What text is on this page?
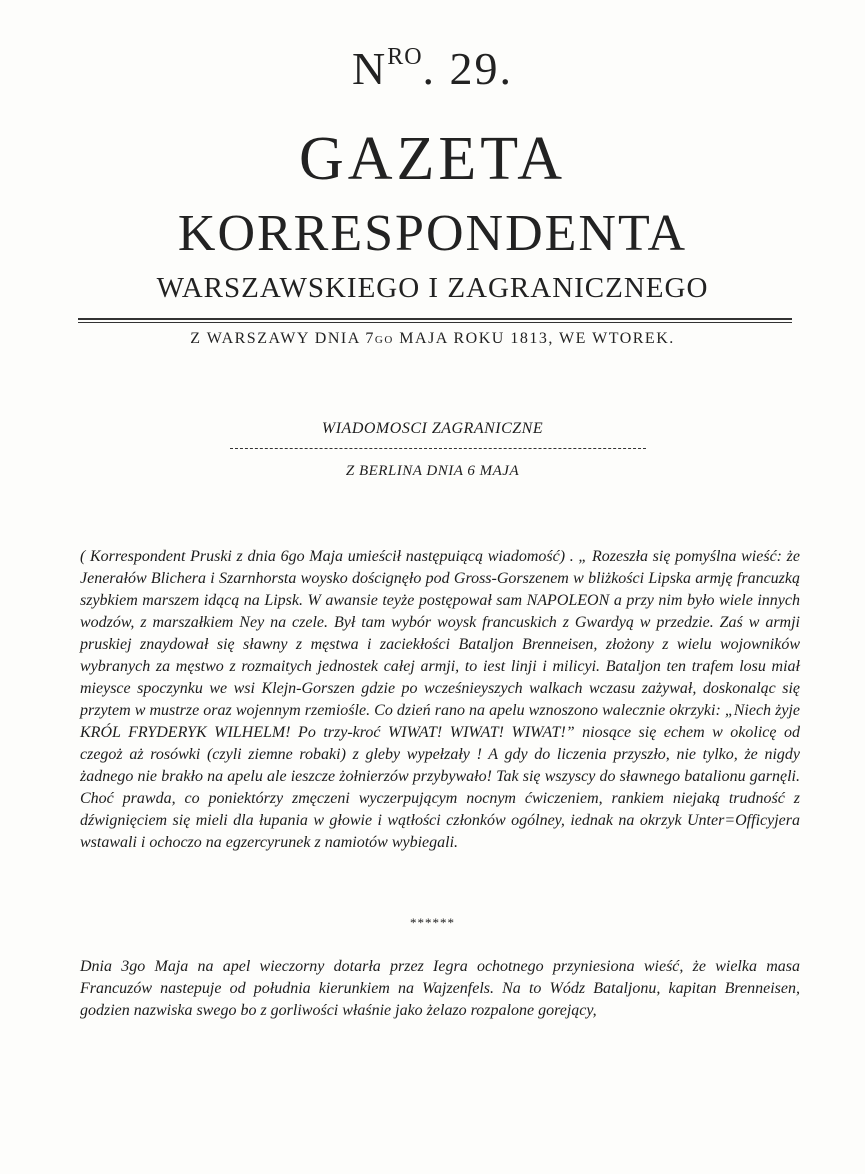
$N^{RO}$. 29.
GAZETA
KORRESPONDENTA
WARSZAWSKIEGO I ZAGRANICZNEGO
Z WARSZAWY DNIA 7GO MAJA ROKU 1813, WE WTOREK.
WIADOMOSCI ZAGRANICZNE
Z BERLINA DNIA 6 MAJA
( Korrespondent Pruski z dnia 6go Maja umieścił następuiącą wiadomość) . „ Rozeszła się pomyślna wieść: że Jenerałów Blichera i Szarnhorsta woysko doścignęło pod Gross-Gorszenem w bliżkości Lipska armję francuzką szybkiem marszem idącą na Lipsk. W awansie teyże postępował sam NAPOLEON a przy nim było wiele innych wodzów, z marszałkiem Ney na czele. Był tam wybór woysk francuskich z Gwardyą w przedzie. Zaś w armji pruskiej znaydował się sławny z męstwa i zaciekłości Bataljon Brenneisen, złożony z wielu wojowników wybranych za męstwo z rozmaitych jednostek całej armji, to iest linji i milicyi. Bataljon ten trafem losu miał mieysce spoczynku we wsi Klejn-Gorszen gdzie po wcześnieyszych walkach wczasu zażywał, doskonaląc się przytem w mustrze oraz wojennym rzemiośle. Co dzień rano na apelu wznoszono walecznie okrzyki: „Niech żyje KRÓL FRYDERYK WILHELM! Po trzy-kroć WIWAT! WIWAT! WIWAT!” niosące się echem w okolicę od czegoż aż rosówki (czyli ziemne robaki) z gleby wypełzały ! A gdy do liczenia przyszło, nie tylko, że nigdy żadnego nie brakło na apelu ale ieszcze żołnierzów przybywało! Tak się wszyscy do sławnego batalionu garnęli. Choć prawda, co poniektórzy zmęczeni wyczerpującym nocnym ćwiczeniem, rankiem niejaką trudność z dźwignięciem się mieli dla łupania w głowie i wątłości członków ogólney, iednak na okrzyk Unter=Officyjera wstawali i ochoczo na egzercyrunek z namiotów wybiegali.
******
Dnia 3go Maja na apel wieczorny dotarła przez Iegra ochotnego przyniesiona wieść, że wielka masa Francuzów nastepuje od południa kierunkiem na Wajzenfels. Na to Wódz Bataljonu, kapitan Brenneisen, godzien nazwiska swego bo z gorliwości właśnie jako żelazo rozpalone gorejący,
